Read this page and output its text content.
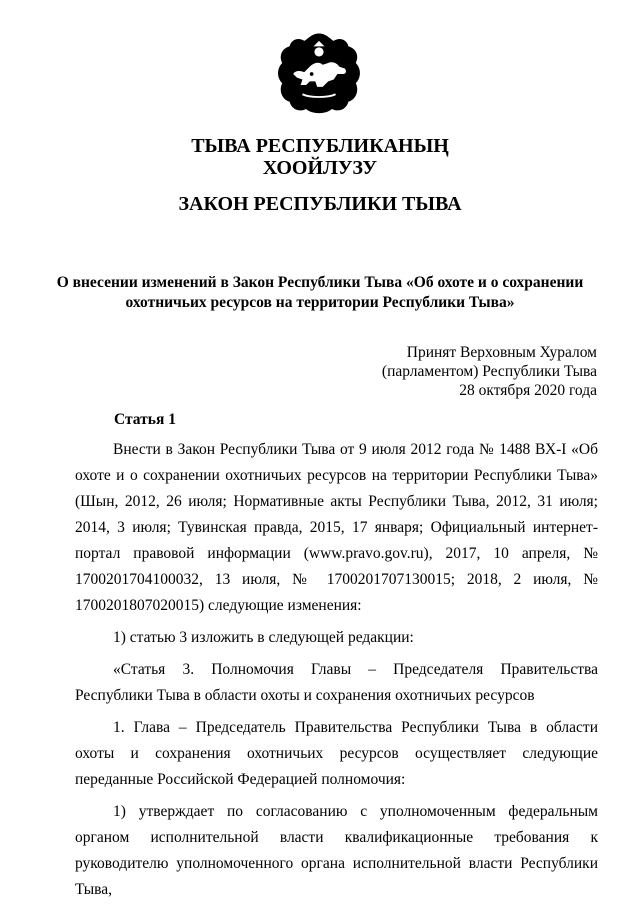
ТЫВА РЕСПУБЛИКАНЫҢ
ХООЙЛУЗУ
ЗАКОН РЕСПУБЛИКИ ТЫВА
О внесении изменений в Закон Республики Тыва «Об охоте и о сохранении
охотничьих ресурсов на территории Республики Тыва»
Принят Верховным Хуралом
(парламентом) Республики Тыва
28 октября 2020 года
Статья 1

Внести в Закон Республики Тыва от 9 июля 2012 года № 1488 ВХ-I «Об охоте и о сохранении охотничьих ресурсов на территории Республики Тыва» (Шын, 2012, 26 июля; Нормативные акты Республики Тыва, 2012, 31 июля; 2014, 3 июля; Тувинская правда, 2015, 17 января; Официальный интернет-портал правовой информации (www.pravo.gov.ru), 2017, 10 апреля, № 1700201704100032, 13 июля, № 1700201707130015; 2018, 2 июля, № 1700201807020015) следующие изменения:

1) статью 3 изложить в следующей редакции:

«Статья 3. Полномочия Главы – Председателя Правительства Республики Тыва в области охоты и сохранения охотничьих ресурсов

1. Глава – Председатель Правительства Республики Тыва в области охоты и сохранения охотничьих ресурсов осуществляет следующие переданные Российской Федерацией полномочия:

1) утверждает по согласованию с уполномоченным федеральным органом исполнительной власти квалификационные требования к руководителю уполномоченного органа исполнительной власти Республики Тыва,
